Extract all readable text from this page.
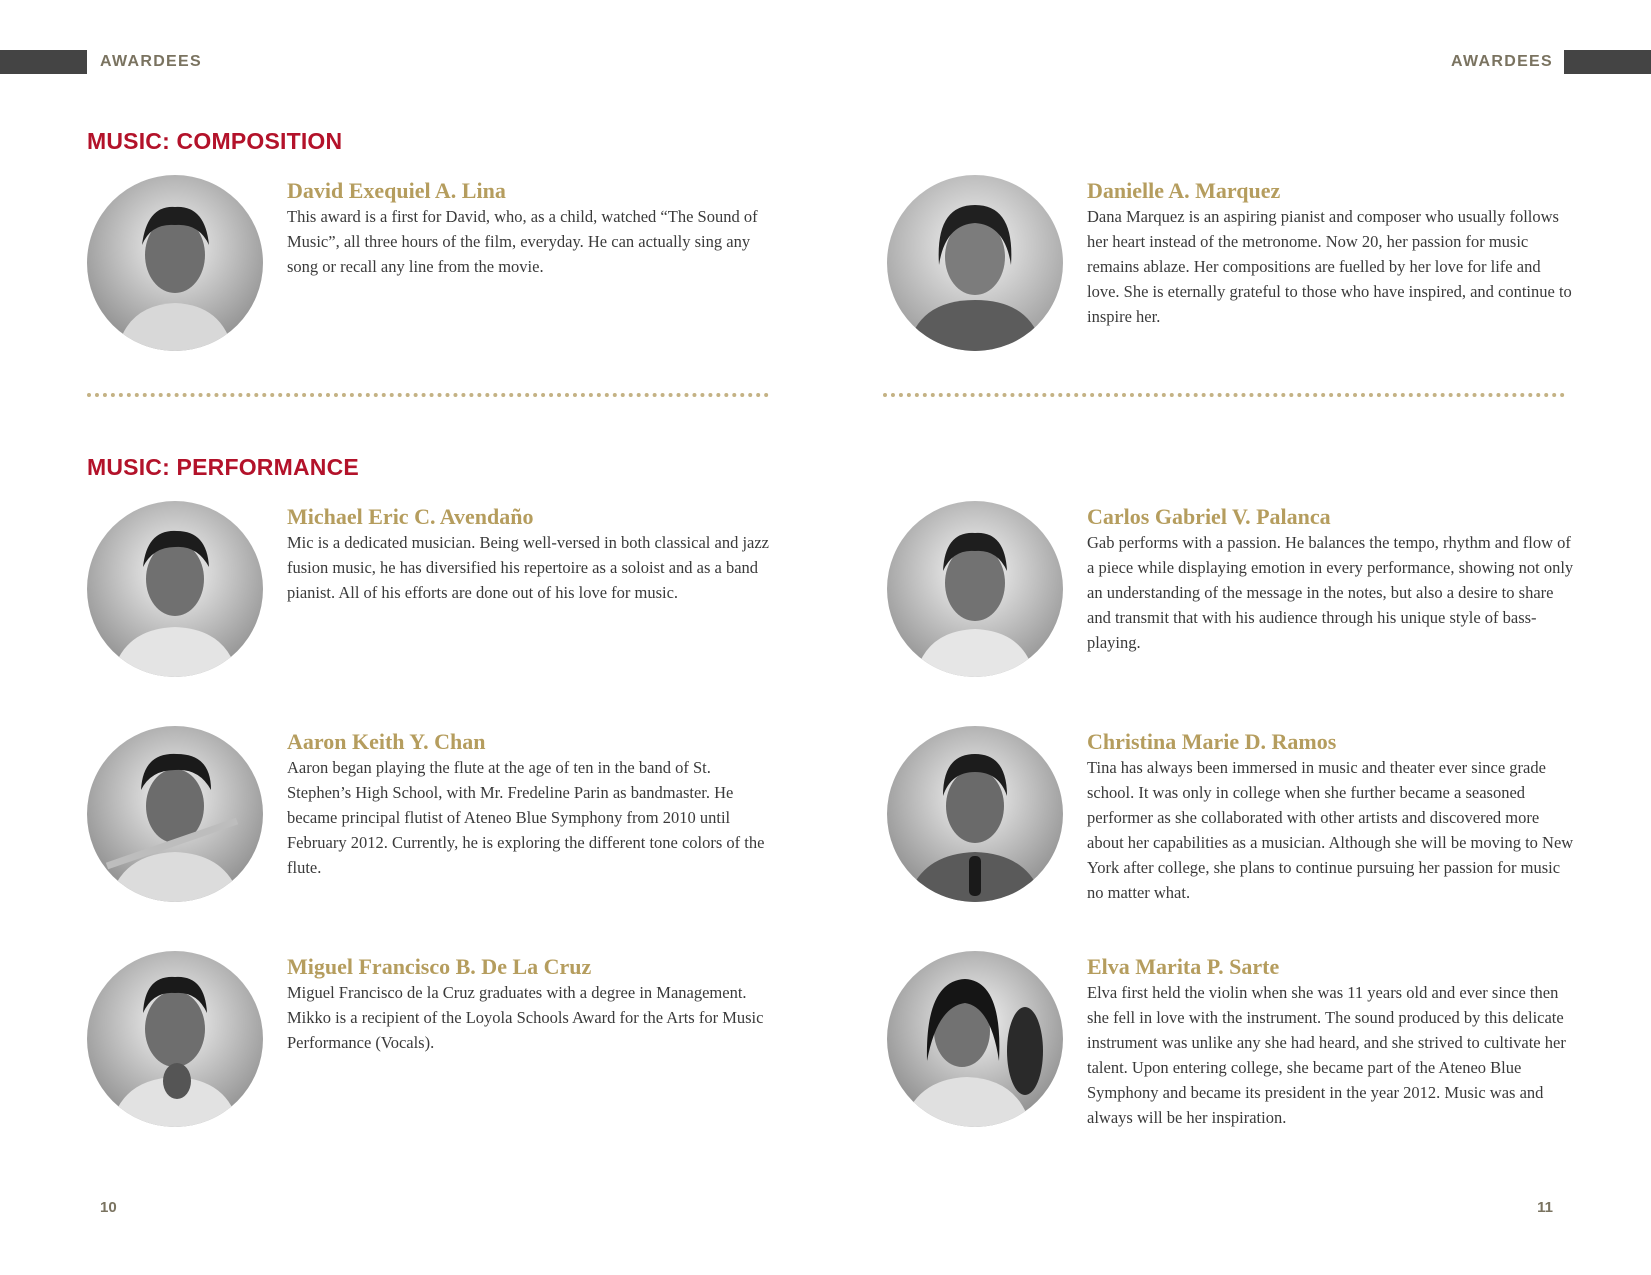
AWARDEES	AWARDEES
MUSIC: COMPOSITION
MUSIC: PERFORMANCE
David Exequiel A. Lina
This award is a first for David, who, as a child, watched “The Sound of Music”, all three hours of the film, everyday. He can actually sing any song or recall any line from the movie.
Danielle A. Marquez
Dana Marquez is an aspiring pianist and composer who usually follows her heart instead of the metronome. Now 20, her passion for music remains ablaze. Her compositions are fuelled by her love for life and love. She is eternally grateful to those who have inspired, and continue to inspire her.
Michael Eric C. Avendaño
Mic is a dedicated musician. Being well-versed in both classical and jazz fusion music, he has diversified his repertoire as a soloist and as a band pianist. All of his efforts are done out of his love for music.
Carlos Gabriel V. Palanca
Gab performs with a passion. He balances the tempo, rhythm and flow of a piece while displaying emotion in every performance, showing not only an understanding of the message in the notes, but also a desire to share and transmit that with his audience through his unique style of bass-playing.
Aaron Keith Y. Chan
Aaron began playing the flute at the age of ten in the band of St. Stephen’s High School, with Mr. Fredeline Parin as bandmaster. He became principal flutist of Ateneo Blue Symphony from 2010 until February 2012. Currently, he is exploring the different tone colors of the flute.
Christina Marie D. Ramos
Tina has always been immersed in music and theater ever since grade school. It was only in college when she further became a seasoned performer as she collaborated with other artists and discovered more about her capabilities as a musician. Although she will be moving to New York after college, she plans to continue pursuing her passion for music no matter what.
Miguel Francisco B. De La Cruz
Miguel Francisco de la Cruz graduates with a degree in Management. Mikko is a recipient of the Loyola Schools Award for the Arts for Music Performance (Vocals).
Elva Marita P. Sarte
Elva first held the violin when she was 11 years old and ever since then she fell in love with the instrument. The sound produced by this delicate instrument was unlike any she had heard, and she strived to cultivate her talent. Upon entering college, she became part of the Ateneo Blue Symphony and became its president in the year 2012. Music was and always will be her inspiration.
10	11
